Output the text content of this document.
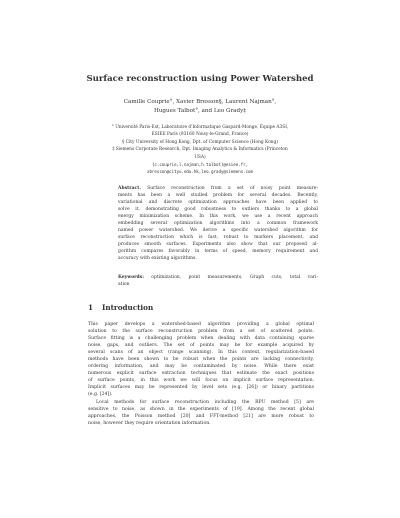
Surface reconstruction using Power Watershed
Camille Couprie°, Xavier Bresson§, Laurent Najman°,
Hugues Talbot°, and Leo Grady‡
° Université Paris-Est, Laboratoire d'Informatique Gaspard-Monge, Équipe A3SI,
ESIEE Paris (93160 Noisy-le-Grand, France)
§ City University of Hong Kong, Dpt. of Computer Science (Hong Kong)
‡ Siemens Corporate Research, Dpt. Imaging Analytics & Informatics (Princeton
USA)
{c.couprie,l.najman,h.talbot}@esiee.fr,
xbresson@cityu.edu.hk,leo.grady@siemens.com
Abstract. Surface reconstruction from a set of noisy point measure-
ments has been a well studied problem for several decades. Recently,
variational and discrete optimization approaches have been applied to
solve it, demonstrating good robustness to outliers thanks to a global
energy minimization scheme. In this work, we use a recent approach
embedding several optimization algorithms into a common framework
named power watershed. We derive a specific watershed algorithm for
surface reconstruction which is fast, robust to markers placement, and
produces smooth surfaces. Experiments also show that our proposed al-
gorithm compares favorably in terms of speed, memory requirement and
accuracy with existing algorithms.
Keywords: optimization, point measurements, Graph cuts, total vari-
ation
1 Introduction

This paper develops a watershed-based algorithm providing a global optimal
solution to the surface reconstruction problem from a set of scattered points.
Surface fitting is a challenging problem when dealing with data containing sparse
noise, gaps, and outliers. The set of points may be for example acquired by
several scans of an object (range scanning). In this context, regularization-based
methods have been shown to be robust when the points are lacking connectivity,
ordering information, and may be contaminated by noise. While there exist
numerous explicit surface extraction techniques that estimate the exact positions
of surface points, in this work we will focus on implicit surface representation.
Implicit surfaces may be represented by level sets (e.g. [26]) or binary partitions
(e.g. [24]).

Local methods for surface reconstruction including the RPU method [5] are
sensitive to noise, as shown in the experiments of [19]. Among the recent global
approaches, the Poisson method [20] and FFT-method [21] are more robust to
noise, however they require orientation information.
